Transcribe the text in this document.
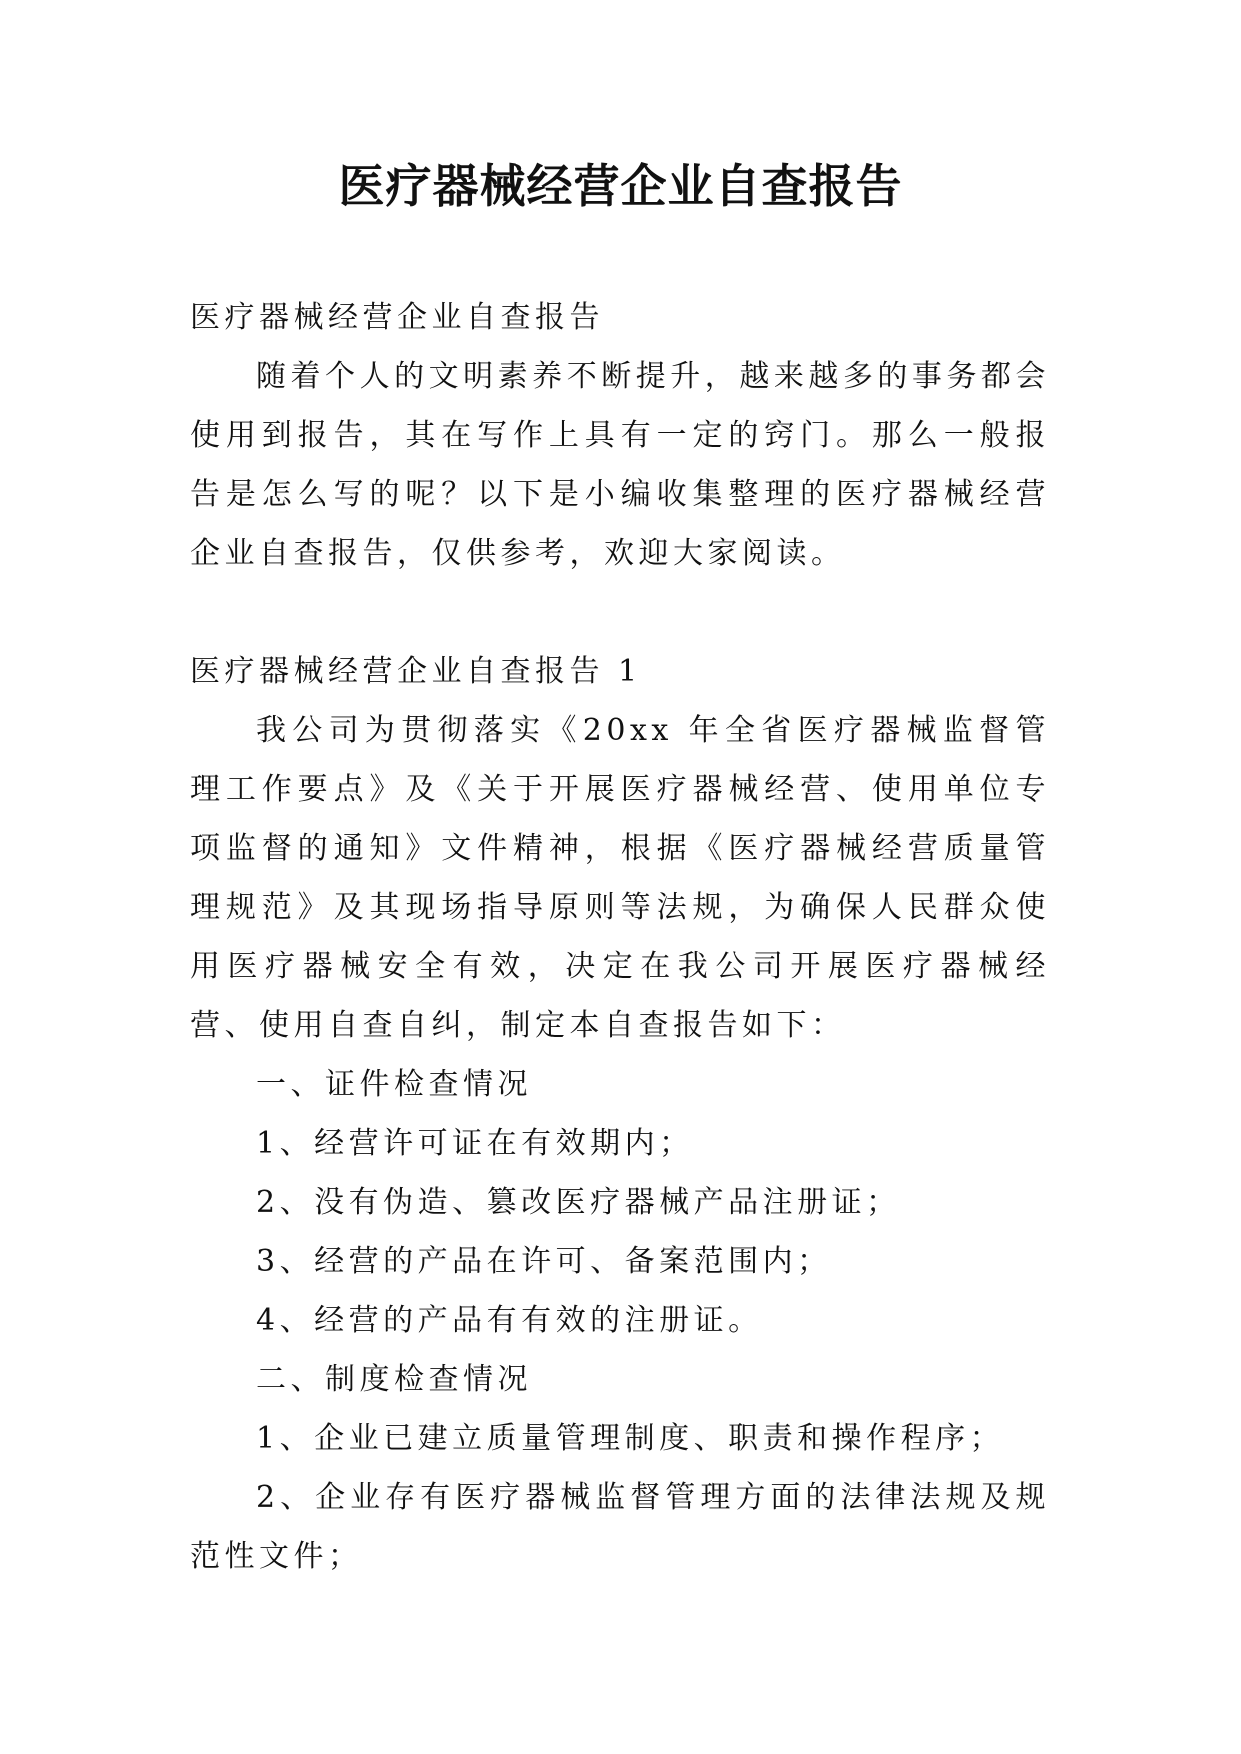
医疗器械经营企业自查报告

医疗器械经营企业自查报告

随着个人的文明素养不断提升，越来越多的事务都会使用到报告，其在写作上具有一定的窍门。那么一般报告是怎么写的呢？以下是小编收集整理的医疗器械经营企业自查报告，仅供参考，欢迎大家阅读。

医疗器械经营企业自查报告 1

我公司为贯彻落实《20xx 年全省医疗器械监督管理工作要点》及《关于开展医疗器械经营、使用单位专项监督的通知》文件精神，根据《医疗器械经营质量管理规范》及其现场指导原则等法规，为确保人民群众使用医疗器械安全有效，决定在我公司开展医疗器械经营、使用自查自纠，制定本自查报告如下：

一、证件检查情况

1、经营许可证在有效期内；

2、没有伪造、篡改医疗器械产品注册证；

3、经营的产品在许可、备案范围内；

4、经营的产品有有效的注册证。

二、制度检查情况

1、企业已建立质量管理制度、职责和操作程序；

2、企业存有医疗器械监督管理方面的法律法规及规范性文件；
